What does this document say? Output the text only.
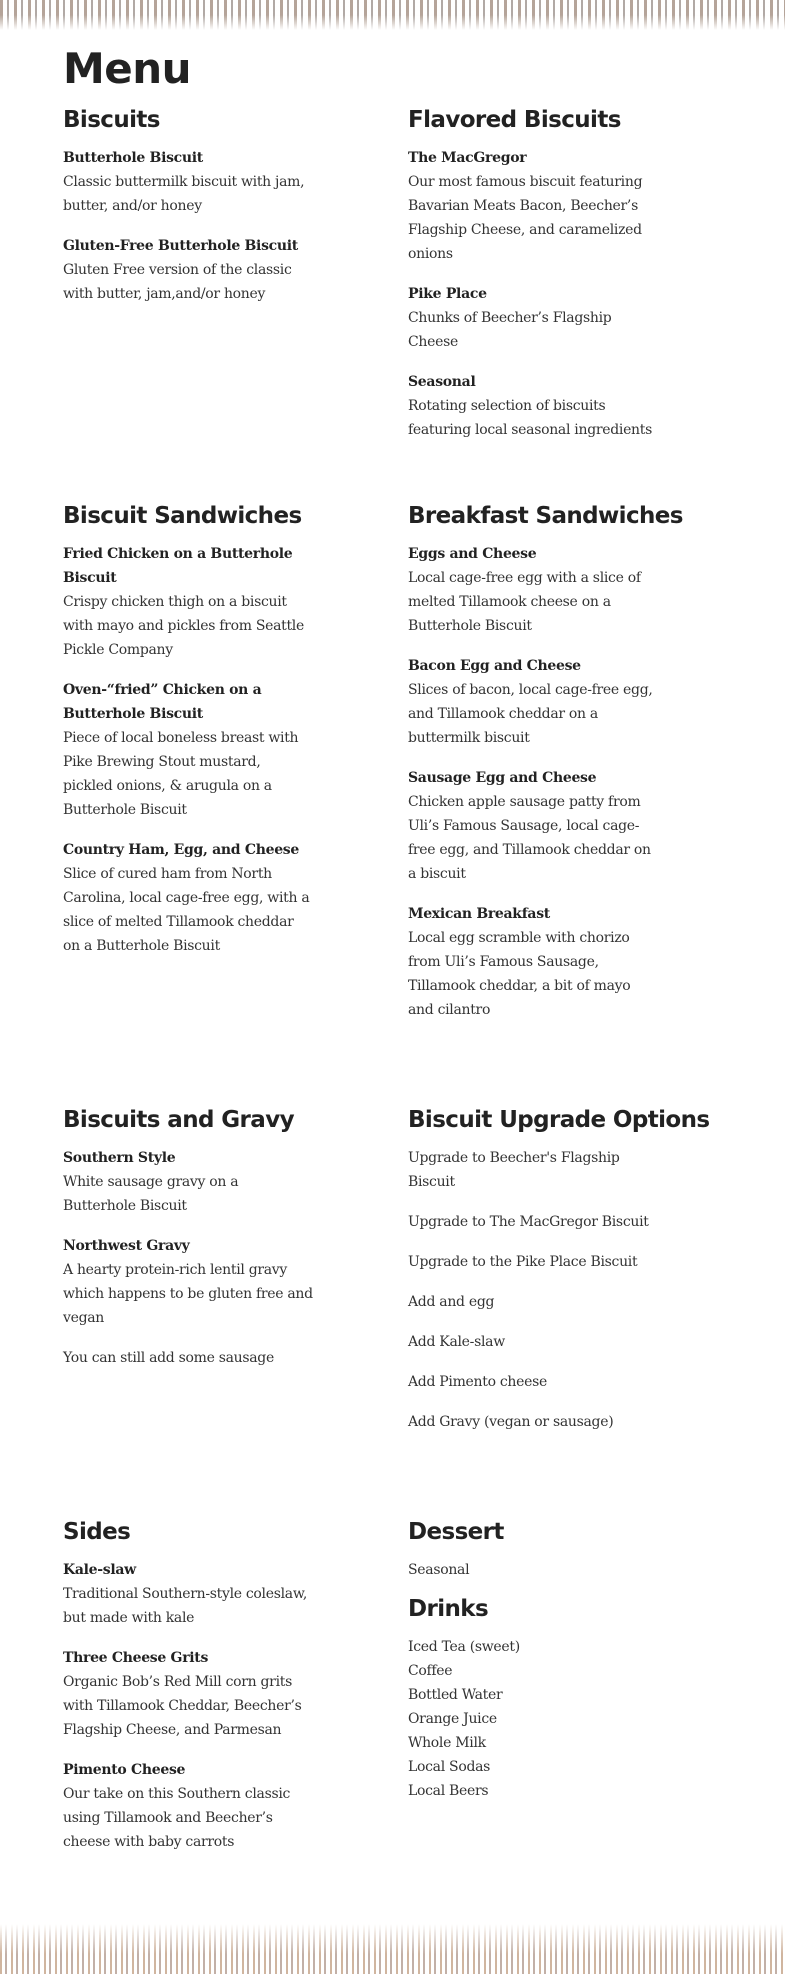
Menu
Biscuits
Butterhole Biscuit
Classic buttermilk biscuit with jam, butter, and/or honey
Gluten-Free Butterhole Biscuit
Gluten Free version of the classic with butter, jam,and/or honey
Flavored Biscuits
The MacGregor
Our most famous biscuit featuring Bavarian Meats Bacon, Beecher’s Flagship Cheese, and caramelized onions
Pike Place
Chunks of Beecher’s Flagship Cheese
Seasonal
Rotating selection of biscuits featuring local seasonal ingredients
Biscuit Sandwiches
Fried Chicken on a Butterhole Biscuit
Crispy chicken thigh on a biscuit with mayo and pickles from Seattle Pickle Company
Oven-“fried” Chicken on a Butterhole Biscuit
Piece of local boneless breast with Pike Brewing Stout mustard, pickled onions, & arugula on a Butterhole Biscuit
Country Ham, Egg, and Cheese
Slice of cured ham from North Carolina, local cage-free egg, with a slice of melted Tillamook cheddar on a Butterhole Biscuit
Breakfast Sandwiches
Eggs and Cheese
Local cage-free egg with a slice of melted Tillamook cheese on a Butterhole Biscuit
Bacon Egg and Cheese
Slices of bacon, local cage-free egg, and Tillamook cheddar on a buttermilk biscuit
Sausage Egg and Cheese
Chicken apple sausage patty from Uli’s Famous Sausage, local cage-free egg, and Tillamook cheddar on a biscuit
Mexican Breakfast
Local egg scramble with chorizo from Uli’s Famous Sausage, Tillamook cheddar, a bit of mayo and cilantro
Biscuits and Gravy
Southern Style
White sausage gravy on a Butterhole Biscuit
Northwest Gravy
A hearty protein-rich lentil gravy which happens to be gluten free and vegan
You can still add some sausage
Biscuit Upgrade Options
Upgrade to Beecher's Flagship Biscuit
Upgrade to The MacGregor Biscuit
Upgrade to the Pike Place Biscuit
Add and egg
Add Kale-slaw
Add Pimento cheese
Add Gravy (vegan or sausage)
Sides
Kale-slaw
Traditional Southern-style coleslaw, but made with kale
Three Cheese Grits
Organic Bob’s Red Mill corn grits with Tillamook Cheddar, Beecher’s Flagship Cheese, and Parmesan
Pimento Cheese
Our take on this Southern classic using Tillamook and Beecher’s cheese with baby carrots
Dessert
Seasonal
Drinks
Iced Tea (sweet)
Coffee
Bottled Water
Orange Juice
Whole Milk
Local Sodas
Local Beers
